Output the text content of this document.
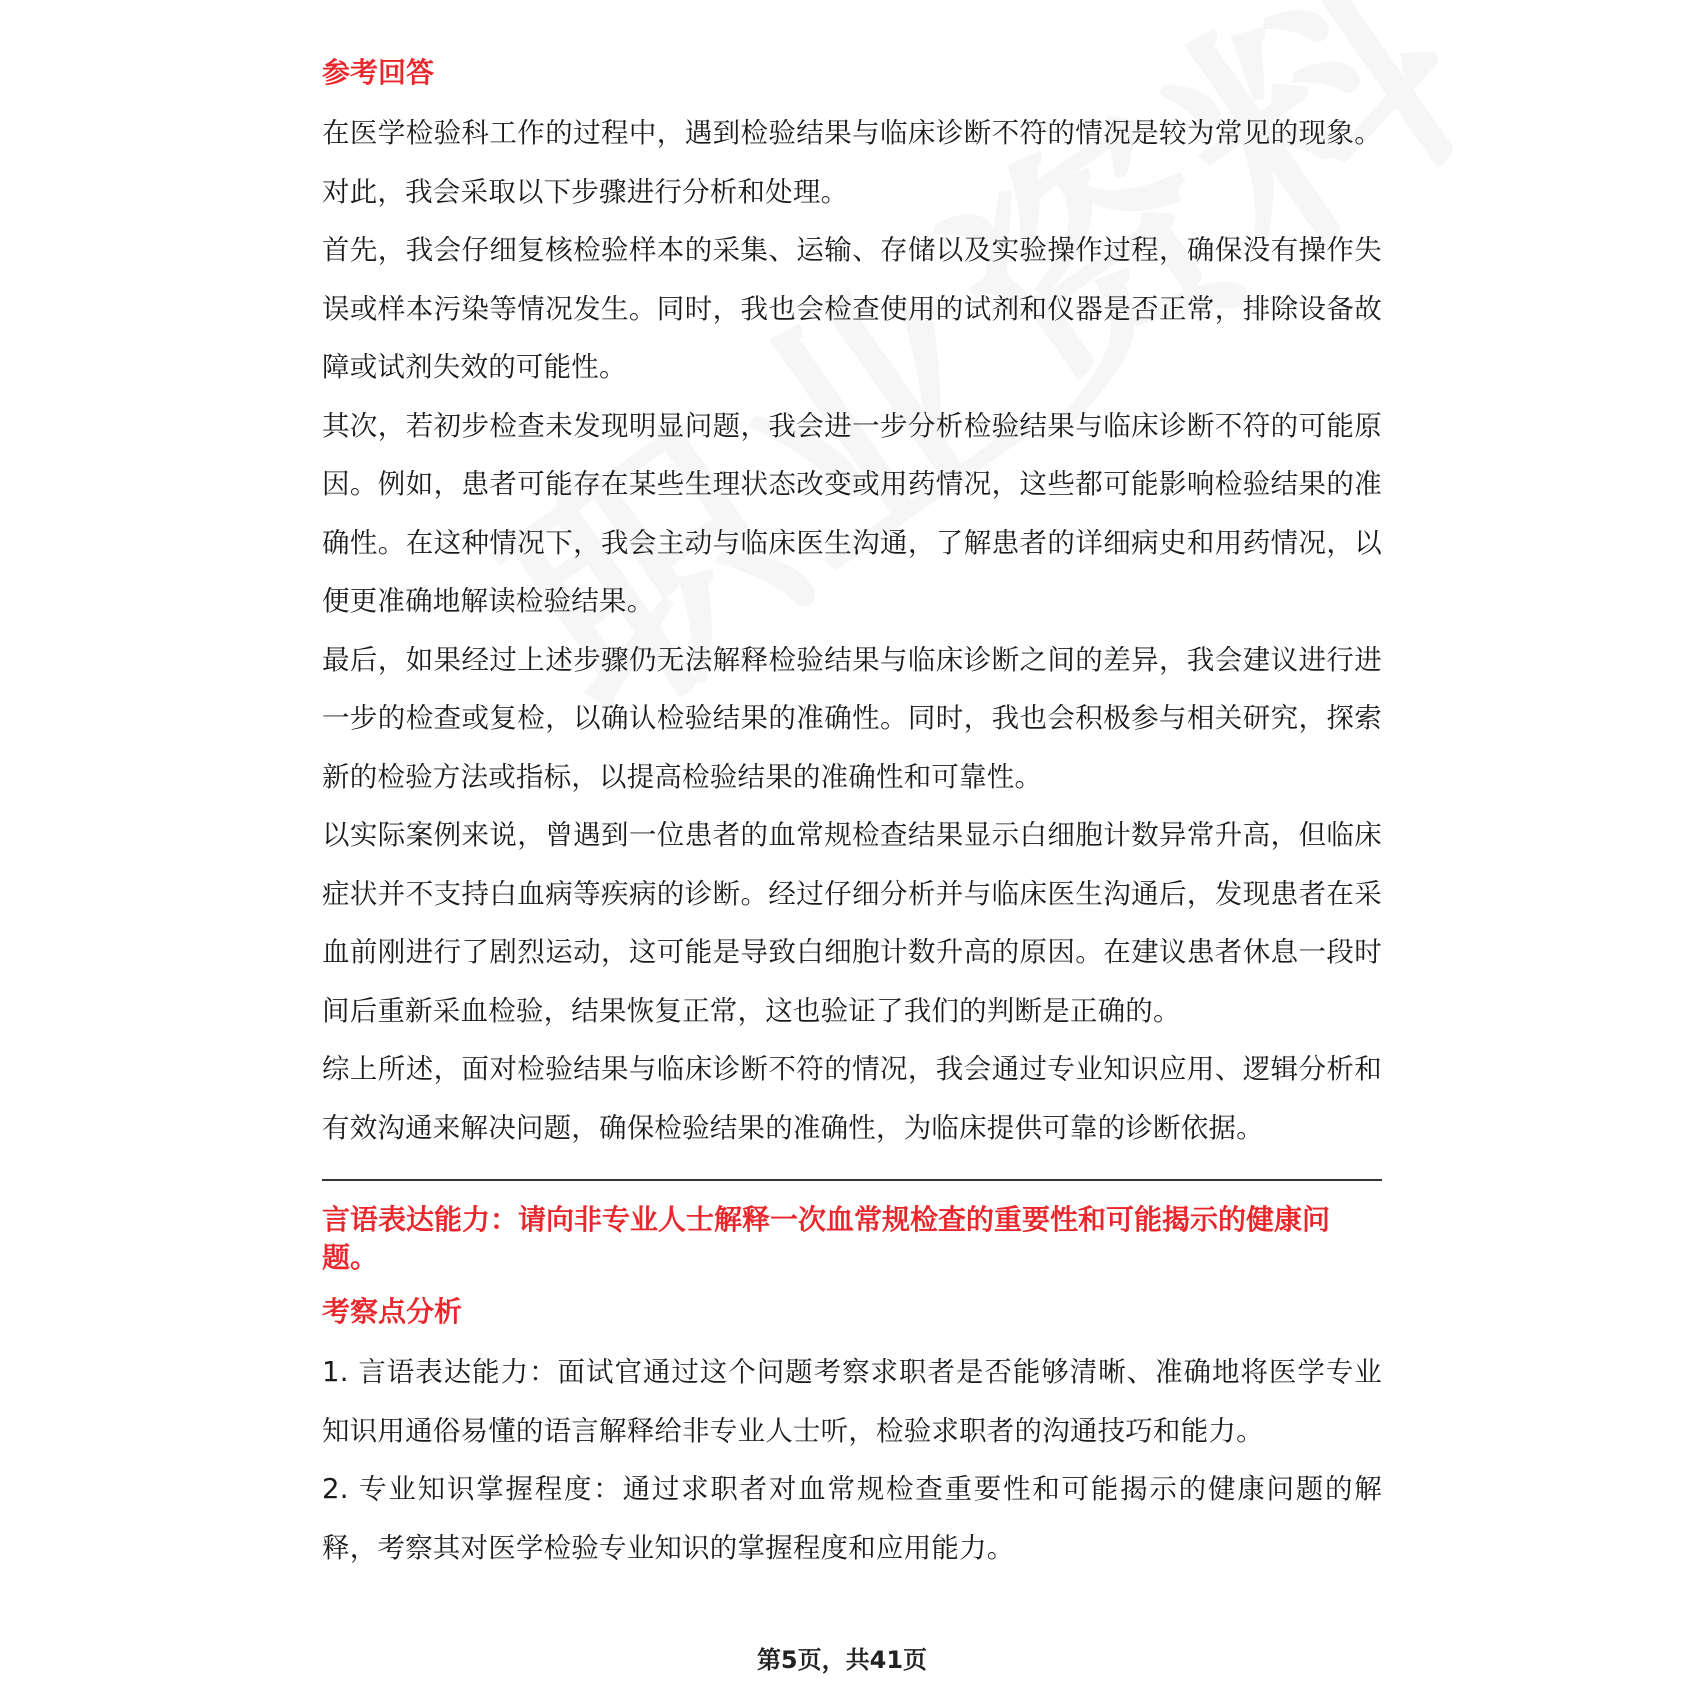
参考回答

在医学检验科工作的过程中，遇到检验结果与临床诊断不符的情况是较为常见的现象。对此，我会采取以下步骤进行分析和处理。

首先，我会仔细复核检验样本的采集、运输、存储以及实验操作过程，确保没有操作失误或样本污染等情况发生。同时，我也会检查使用的试剂和仪器是否正常，排除设备故障或试剂失效的可能性。

其次，若初步检查未发现明显问题，我会进一步分析检验结果与临床诊断不符的可能原因。例如，患者可能存在某些生理状态改变或用药情况，这些都可能影响检验结果的准确性。在这种情况下，我会主动与临床医生沟通，了解患者的详细病史和用药情况，以便更准确地解读检验结果。

最后，如果经过上述步骤仍无法解释检验结果与临床诊断之间的差异，我会建议进行进一步的检查或复检，以确认检验结果的准确性。同时，我也会积极参与相关研究，探索新的检验方法或指标，以提高检验结果的准确性和可靠性。

以实际案例来说，曾遇到一位患者的血常规检查结果显示白细胞计数异常升高，但临床症状并不支持白血病等疾病的诊断。经过仔细分析并与临床医生沟通后，发现患者在采血前刚进行了剧烈运动，这可能是导致白细胞计数升高的原因。在建议患者休息一段时间后重新采血检验，结果恢复正常，这也验证了我们的判断是正确的。

综上所述，面对检验结果与临床诊断不符的情况，我会通过专业知识应用、逻辑分析和有效沟通来解决问题，确保检验结果的准确性，为临床提供可靠的诊断依据。

言语表达能力：请向非专业人士解释一次血常规检查的重要性和可能揭示的健康问题。
考察点分析

1. 言语表达能力：面试官通过这个问题考察求职者是否能够清晰、准确地将医学专业知识用通俗易懂的语言解释给非专业人士听，检验求职者的沟通技巧和能力。

2. 专业知识掌握程度：通过求职者对血常规检查重要性和可能揭示的健康问题的解释，考察其对医学检验专业知识的掌握程度和应用能力。

第5页，共41页
